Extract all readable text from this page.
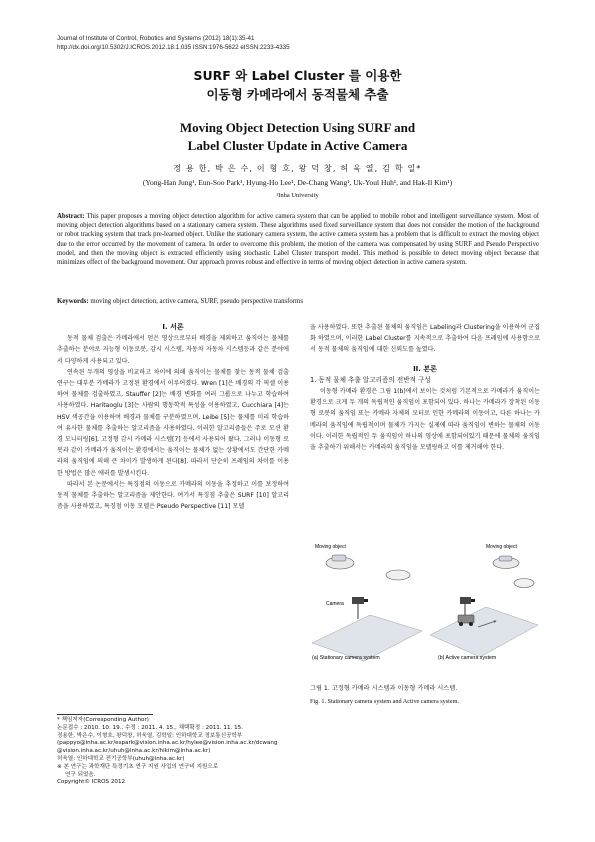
Journal of Institute of Control, Robotics and Systems (2012) 18(1):35-41
http://dx.doi.org/10.5302/J.ICROS.2012.18.1.035 ISSN:1976-5622 eISSN:2233-4335
SURF 와 Label Cluster 를 이용한
이동형 카메라에서 동적물체 추출
Moving Object Detection Using SURF and
Label Cluster Update in Active Camera
정 용 한, 박 은 수, 이 형 호, 왕 덕 창, 허 욱 열, 김 학 일*
(Yong-Han Jung¹, Eun-Soo Park¹, Hyung-Ho Lee¹, De-Chang Wang¹, Uk-Youl Huh¹, and Hak-Il Kim¹)
¹Inha University
Abstract: This paper proposes a moving object detection algorithm for active camera system that can be applied to mobile robot and intelligent surveillance system. Most of moving object detection algorithms based on a stationary camera system. These algorithms used fixed surveillance system that does not consider the motion of the background or robot tracking system that track pre-learned object. Unlike the stationary camera system, the active camera system has a problem that is difficult to extract the moving object due to the error occurred by the movement of camera. In order to overcome this problem, the motion of the camera was compensated by using SURF and Pseudo Perspective model, and then the moving object is extracted efficiently using stochastic Label Cluster transport model. This method is possible to detect moving object because that minimizes effect of the background movement. Our approach proves robust and effective in terms of moving object detection in active camera system.
Keywords: moving object detection, active camera, SURF, pseudo perspective transforms

I. 서론

동적 물체 검출은 카메라에서 얻은 영상으로부터 배경을 제외하고 움직이는 물체를 추출하는 분야로 지능형 이동로봇, 감시 시스템, 자동차 자동차 시스템등과 같은 분야에서 다양하게 사용되고 있다.

연속된 두개의 영상을 비교하고 차이에 의해 움직이는 물체를 찾는 동적 물체 검출 연구는 대부분 카메라가 고정된 환경에서 이루어졌다. Wren [1]은 배경의 각 픽셀 이용하여 물체를 검출하였고, Stauffer [2]는 배경 변화를 여러 그룹으로 나누고 학습하여 사용하였다. Haritaoglu [3]는 사람의 행동학적 특성을 이용하였고, Cucchiara [4]는 HSV 색공간을 이용하여 배경과 물체를 구분하였으며, Leibe [5]는 물체를 미리 학습하여 유사한 물체를 추출하는 알고리즘을 사용하였다. 이러한 알고리즘들은 주로 모션 환경 모니터링[6], 고정형 감시 카메라 시스템[7] 등에서 사용되어 왔다. 그러나 이동형 로봇과 같이 카메라가 움직이는 환경에서는 움직이는 물체가 없는 상황에서도 간단한 카메라의 움직임에 의해 큰 차이가 발생하게 된다[8]. 따라서 단순히 프레임의 차이를 이용한 방법은 많은 에러를 발생시킨다.

따라서 본 논문에서는 특징점의 이동으로 카메라의 이동을 추정하고 이를 보정하여 동적 물체를 추출하는 알고리즘을 제안한다. 여기서 특징점 추출은 SURF [10] 알고리즘을 사용하였고, 특징점 이동 모델은 Pseudo Perspective [11] 모델

을 사용하였다. 또한 추출된 물체의 움직임은 Labeling과 Clustering을 이용하여 군집화 하였으며, 이러한 Label Cluster를 지속적으로 추출하여 다음 프레임에 사용함으로서 동적 물체의 움직임에 대한 신뢰도를 높였다.

II. 본론

1. 동적 물체 추출 알고리즘의 전반적 구성

이동형 카메라 환경은 그림 1(b)에서 보이는 것처럼 기본적으로 카메라가 움직이는 환경으로 크게 두 개의 독립적인 움직임이 포함되어 있다. 하나는 카메라가 장착된 이동형 로봇의 움직임 또는 카메라 자체의 모터로 인한 카메라의 이동이고, 다른 하나는 카메라의 움직임에 독립적이며 물체가 가지는 실제에 따라 움직임이 변하는 물체의 이동이다. 이러한 독립적인 두 움직임이 하나의 영상에 포함되어있기 때문에 물체의 움직임을 추출하기 위해서는 카메라의 움직임을 모델링하고 이를 제거해야 한다.

Moving object
Camera
(a) Stationary camera system
Moving object
(b) Active camera system
그림 1. 고정형 카메라 시스템과 이동형 카메라 시스템.
Fig. 1. Stationary camera system and Active camera system.
* 책임저자(Corresponding Author)
논문접수 : 2010. 10. 19., 수정 : 2011. 4. 15., 채택확정 : 2011. 11. 15.
정용한, 박은수, 이형호, 왕덕창, 허욱열, 김학일: 인하대학교 정보통신공학부
(pappyo@inha.ac.kr/espark@vision.inha.ac.kr/hylee@vision.inha.ac.kr/dcwang
@vision.inha.ac.kr/uhuh@inha.ac.kr/hikim@inha.ac.kr)
허욱열: 인하대학교 전기공학부(uhuh@inha.ac.kr)
※ 본 연구는 과학재단 특정기초 연구 지원 사업의 연구비 지원으로
연구 되었음.
Copyright© ICROS 2012
